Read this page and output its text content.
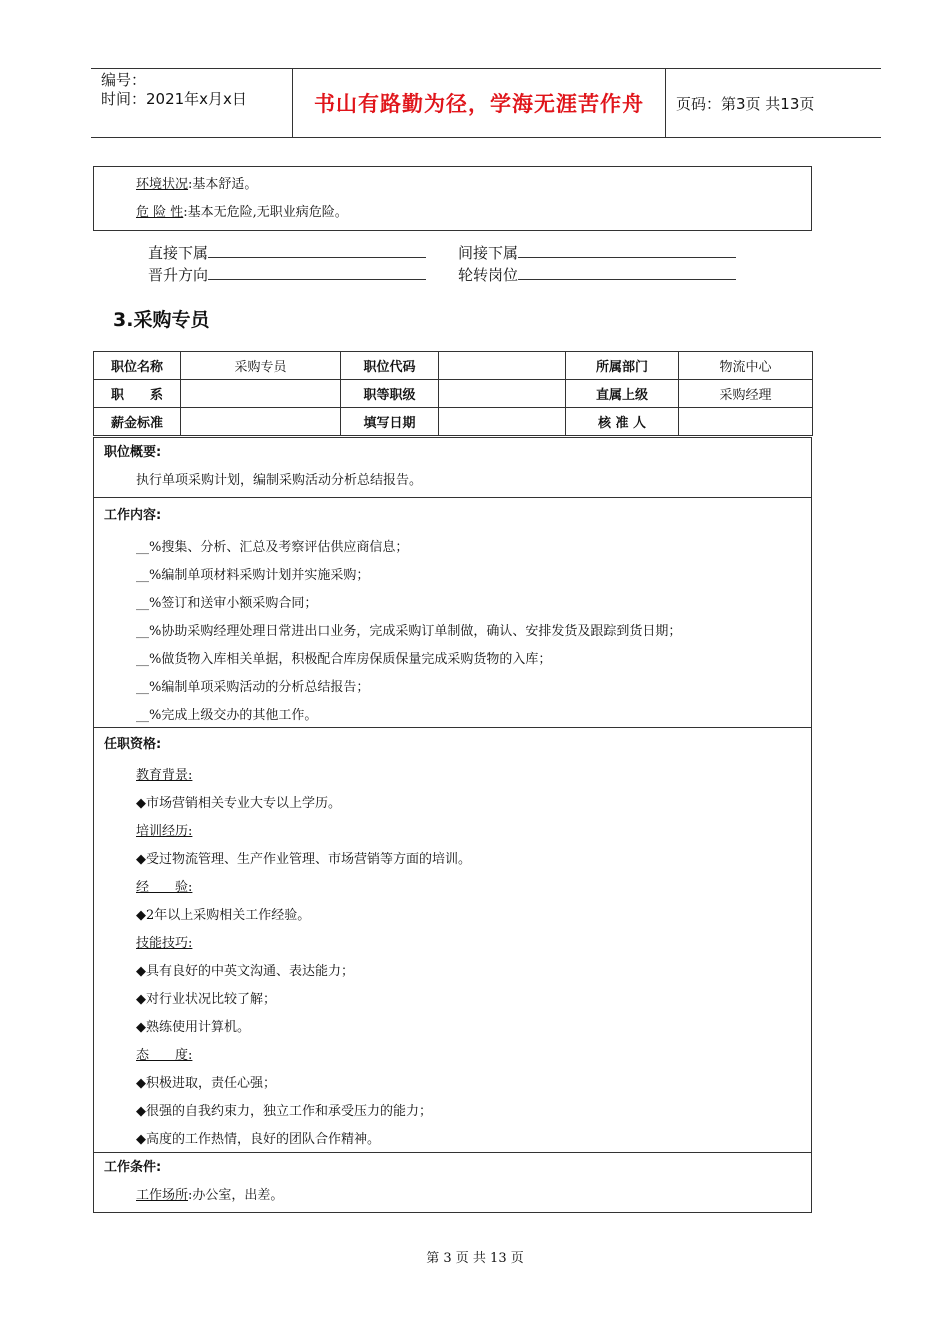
编号：
时间：2021年x月x日	书山有路勤为径，学海无涯苦作舟	页码：第3页 共13页
环境状况:基本舒适。
危 险 性:基本无危险,无职业病危险。
直接下属	间接下属
晋升方向	轮转岗位
3.采购专员
职位名称	采购专员	职位代码		所属部门	物流中心
职　　系		职等职级		直属上级	采购经理
薪金标准		填写日期		核 准 人	
职位概要:
执行单项采购计划，编制采购活动分析总结报告。
工作内容:
__%搜集、分析、汇总及考察评估供应商信息；
__%编制单项材料采购计划并实施采购；
__%签订和送审小额采购合同；
__%协助采购经理处理日常进出口业务，完成采购订单制做，确认、安排发货及跟踪到货日期；
__%做货物入库相关单据，积极配合库房保质保量完成采购货物的入库；
__%编制单项采购活动的分析总结报告；
__%完成上级交办的其他工作。
任职资格:
教育背景:
◆市场营销相关专业大专以上学历。
培训经历:
◆受过物流管理、生产作业管理、市场营销等方面的培训。
经　　验:
◆2年以上采购相关工作经验。
技能技巧:
◆具有良好的中英文沟通、表达能力；
◆对行业状况比较了解；
◆熟练使用计算机。
态　　度:
◆积极进取，责任心强；
◆很强的自我约束力，独立工作和承受压力的能力；
◆高度的工作热情，良好的团队合作精神。
工作条件:
工作场所:办公室，出差。
第 3 页 共 13 页
